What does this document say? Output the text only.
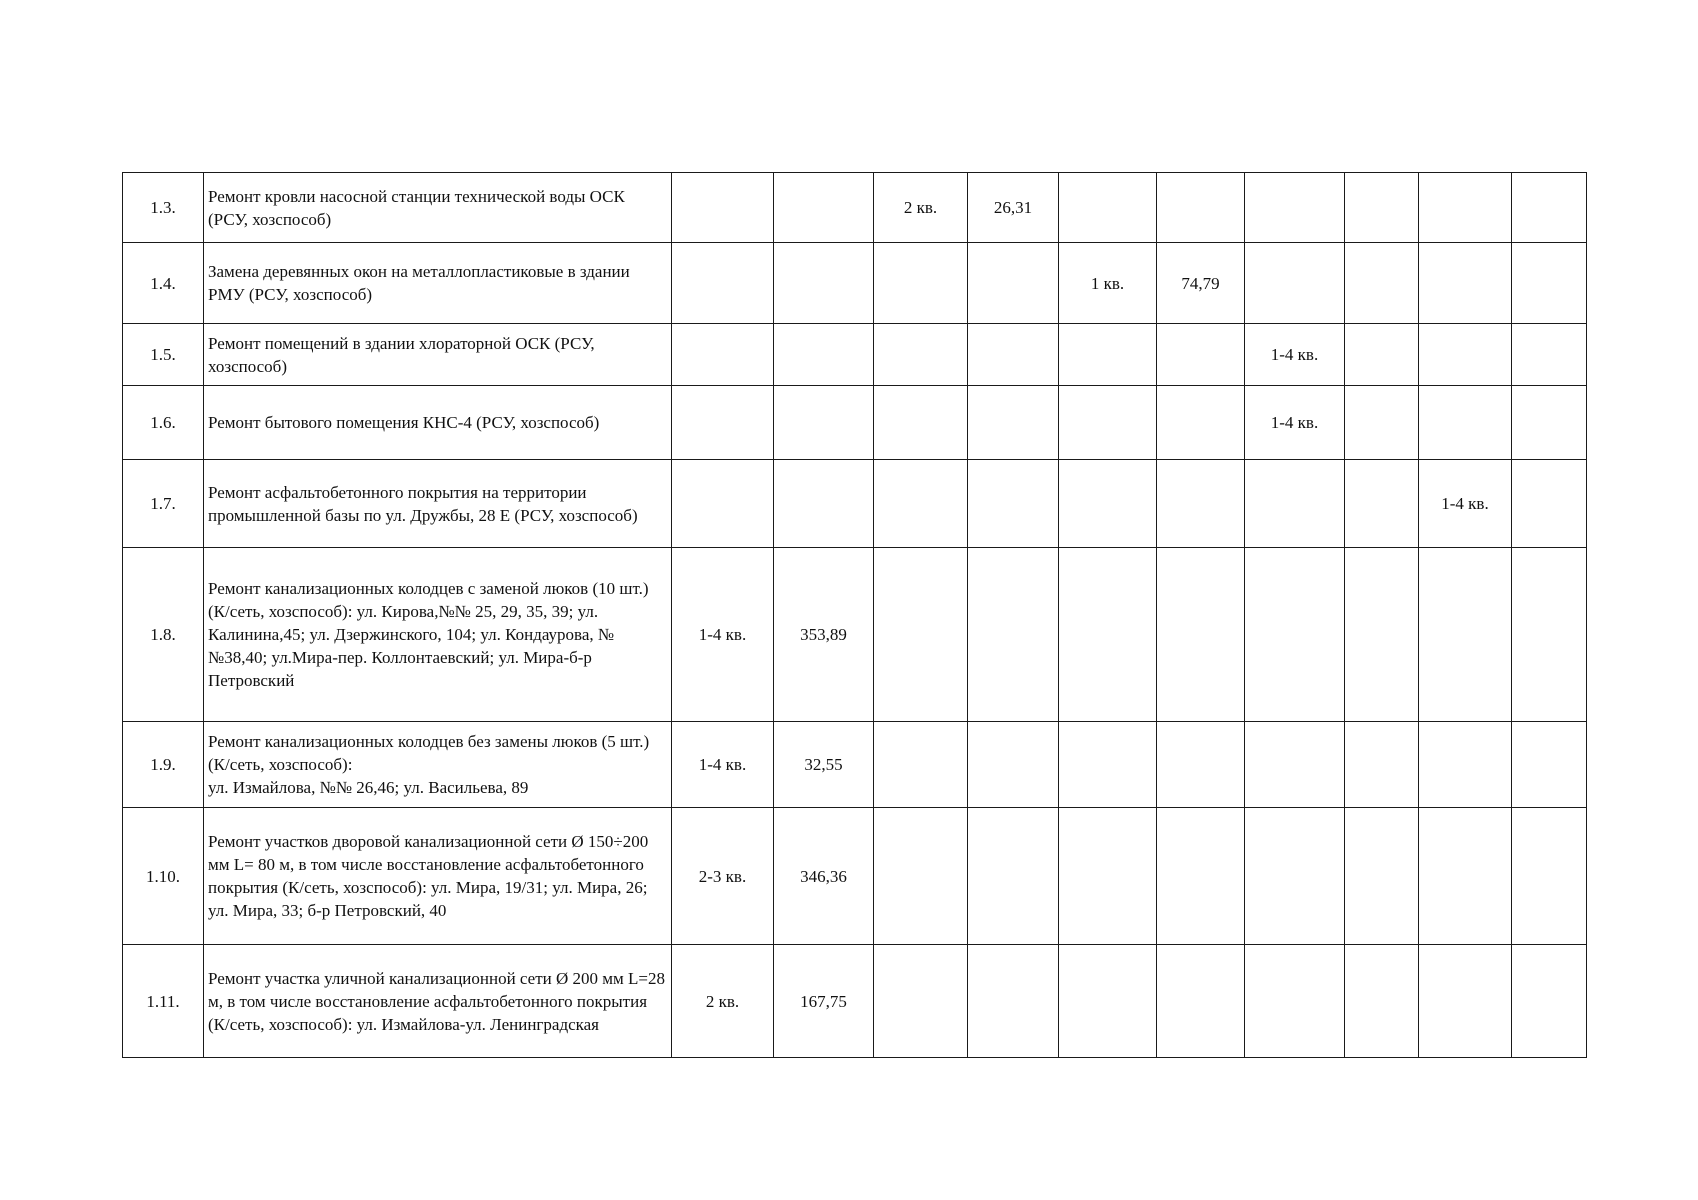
1.3.	Ремонт кровли насосной станции технической воды ОСК (РСУ, хозспособ)			2 кв.	26,31						
1.4.	Замена деревянных окон на металлопластиковые в здании РМУ (РСУ, хозспособ)					1 кв.	74,79				
1.5.	Ремонт помещений в здании хлораторной ОСК (РСУ, хозспособ)							1-4 кв.			
1.6.	Ремонт бытового помещения КНС-4 (РСУ, хозспособ)							1-4 кв.			
1.7.	Ремонт асфальтобетонного покрытия на территории промышленной базы по ул. Дружбы, 28 Е (РСУ, хозспособ)									1-4 кв.	
1.8.	Ремонт канализационных колодцев с заменой люков (10 шт.) (К/сеть, хозспособ): ул. Кирова,№№ 25, 29, 35, 39; ул. Калинина,45; ул. Дзержинского, 104; ул. Кондаурова, №№38,40; ул.Мира-пер. Коллонтаевский; ул. Мира-б-р Петровский	1-4 кв.	353,89								
1.9.	Ремонт канализационных колодцев без замены люков (5 шт.) (К/сеть, хозспособ):
ул. Измайлова, №№ 26,46; ул. Васильева, 89	1-4 кв.	32,55								
1.10.	Ремонт участков дворовой канализационной сети Ø 150÷200 мм L= 80 м, в том числе восстановление асфальтобетонного покрытия (К/сеть, хозспособ): ул. Мира, 19/31; ул. Мира, 26; ул. Мира, 33; б-р Петровский, 40	2-3 кв.	346,36								
1.11.	Ремонт участка уличной канализационной сети Ø 200 мм L=28 м, в том числе восстановление асфальтобетонного покрытия (К/сеть, хозспособ): ул. Измайлова-ул. Ленинградская	2 кв.	167,75								
